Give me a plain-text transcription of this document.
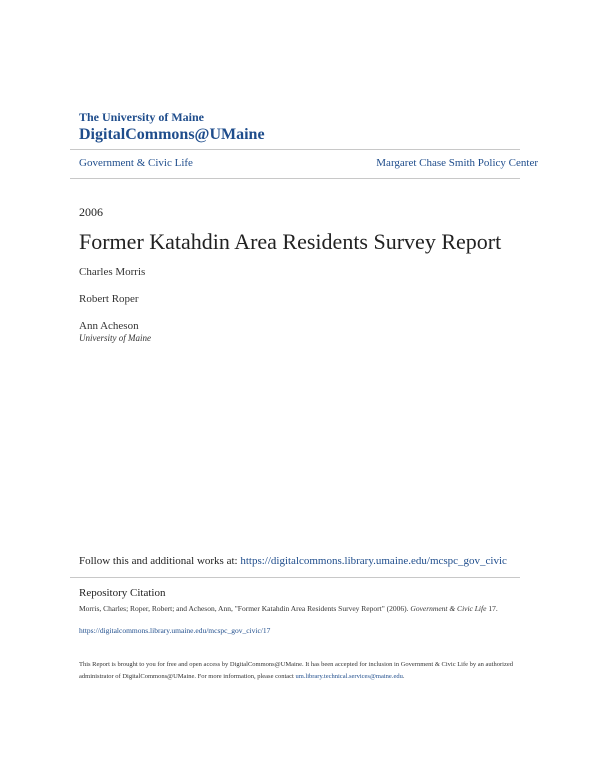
The University of Maine
DigitalCommons@UMaine
Government & Civic Life	Margaret Chase Smith Policy Center
2006
Former Katahdin Area Residents Survey Report
Charles Morris
Robert Roper
Ann Acheson
University of Maine
Follow this and additional works at: https://digitalcommons.library.umaine.edu/mcspc_gov_civic
Repository Citation
Morris, Charles; Roper, Robert; and Acheson, Ann, "Former Katahdin Area Residents Survey Report" (2006). Government & Civic Life 17.
https://digitalcommons.library.umaine.edu/mcspc_gov_civic/17
This Report is brought to you for free and open access by DigitalCommons@UMaine. It has been accepted for inclusion in Government & Civic Life by an authorized administrator of DigitalCommons@UMaine. For more information, please contact um.library.technical.services@maine.edu.
